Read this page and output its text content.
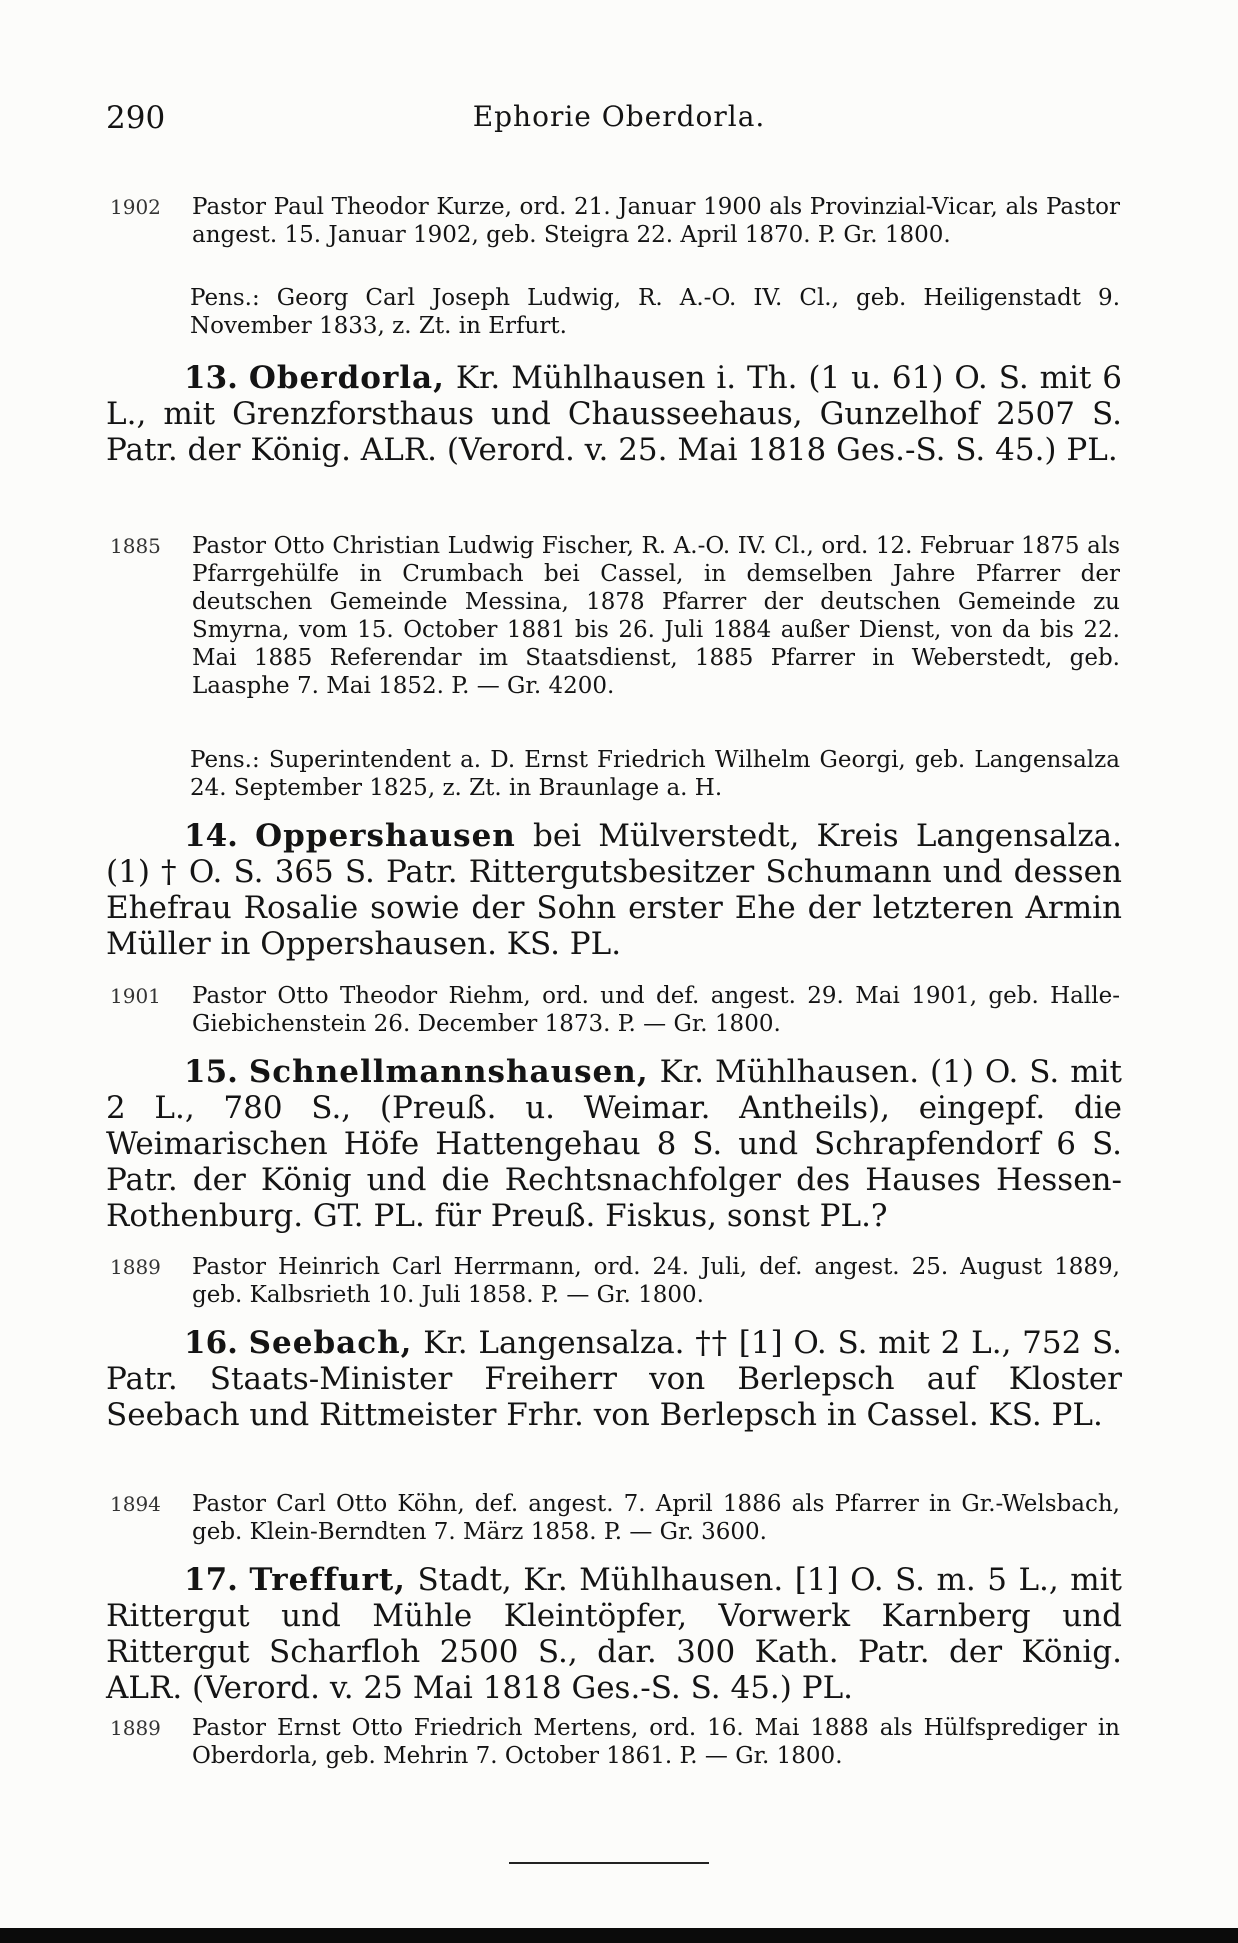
290	Ephorie Oberdorla.
1902 Pastor Paul Theodor Kurze, ord. 21. Januar 1900 als Provinzial-Vicar, als Pastor angest. 15. Januar 1902, geb. Steigra 22. April 1870. P. Gr. 1800.
Pens.: Georg Carl Joseph Ludwig, R. A.-O. IV. Cl., geb. Heiligenstadt 9. November 1833, z. Zt. in Erfurt.
13. Oberdorla, Kr. Mühlhausen i. Th. (1 u. 61) O. S. mit 6 L., mit Grenzforsthaus und Chausseehaus, Gunzelhof 2507 S. Patr. der König. ALR. (Verord. v. 25. Mai 1818 Ges.-S. S. 45.) PL.
1885 Pastor Otto Christian Ludwig Fischer, R. A.-O. IV. Cl., ord. 12. Februar 1875 als Pfarrgehülfe in Crumbach bei Cassel, in demselben Jahre Pfarrer der deutschen Gemeinde Messina, 1878 Pfarrer der deutschen Gemeinde zu Smyrna, vom 15. October 1881 bis 26. Juli 1884 außer Dienst, von da bis 22. Mai 1885 Referendar im Staatsdienst, 1885 Pfarrer in Weberstedt, geb. Laasphe 7. Mai 1852. P. — Gr. 4200.
Pens.: Superintendent a. D. Ernst Friedrich Wilhelm Georgi, geb. Langensalza 24. September 1825, z. Zt. in Braunlage a. H.
14. Oppershausen bei Mülverstedt, Kreis Langensalza. (1) † O. S. 365 S. Patr. Rittergutsbesitzer Schumann und dessen Ehefrau Rosalie sowie der Sohn erster Ehe der letzteren Armin Müller in Oppershausen. KS. PL.
1901 Pastor Otto Theodor Riehm, ord. und def. angest. 29. Mai 1901, geb. Halle-Giebichenstein 26. December 1873. P. — Gr. 1800.
15. Schnellmannshausen, Kr. Mühlhausen. (1) O. S. mit 2 L., 780 S., (Preuß. u. Weimar. Antheils), eingepf. die Weimarischen Höfe Hattengehau 8 S. und Schrapfendorf 6 S. Patr. der König und die Rechtsnachfolger des Hauses Hessen-Rothenburg. GT. PL. für Preuß. Fiskus, sonst PL.?
1889 Pastor Heinrich Carl Herrmann, ord. 24. Juli, def. angest. 25. August 1889, geb. Kalbsrieth 10. Juli 1858. P. — Gr. 1800.
16. Seebach, Kr. Langensalza. †† [1] O. S. mit 2 L., 752 S. Patr. Staats-Minister Freiherr von Berlepsch auf Kloster Seebach und Rittmeister Frhr. von Berlepsch in Cassel. KS. PL.
1894 Pastor Carl Otto Köhn, def. angest. 7. April 1886 als Pfarrer in Gr.-Welsbach, geb. Klein-Berndten 7. März 1858. P. — Gr. 3600.
17. Treffurt, Stadt, Kr. Mühlhausen. [1] O. S. m. 5 L., mit Rittergut und Mühle Kleintöpfer, Vorwerk Karnberg und Rittergut Scharfloh 2500 S., dar. 300 Kath. Patr. der König. ALR. (Verord. v. 25 Mai 1818 Ges.-S. S. 45.) PL.
1889 Pastor Ernst Otto Friedrich Mertens, ord. 16. Mai 1888 als Hülfsprediger in Oberdorla, geb. Mehrin 7. October 1861. P. — Gr. 1800.
